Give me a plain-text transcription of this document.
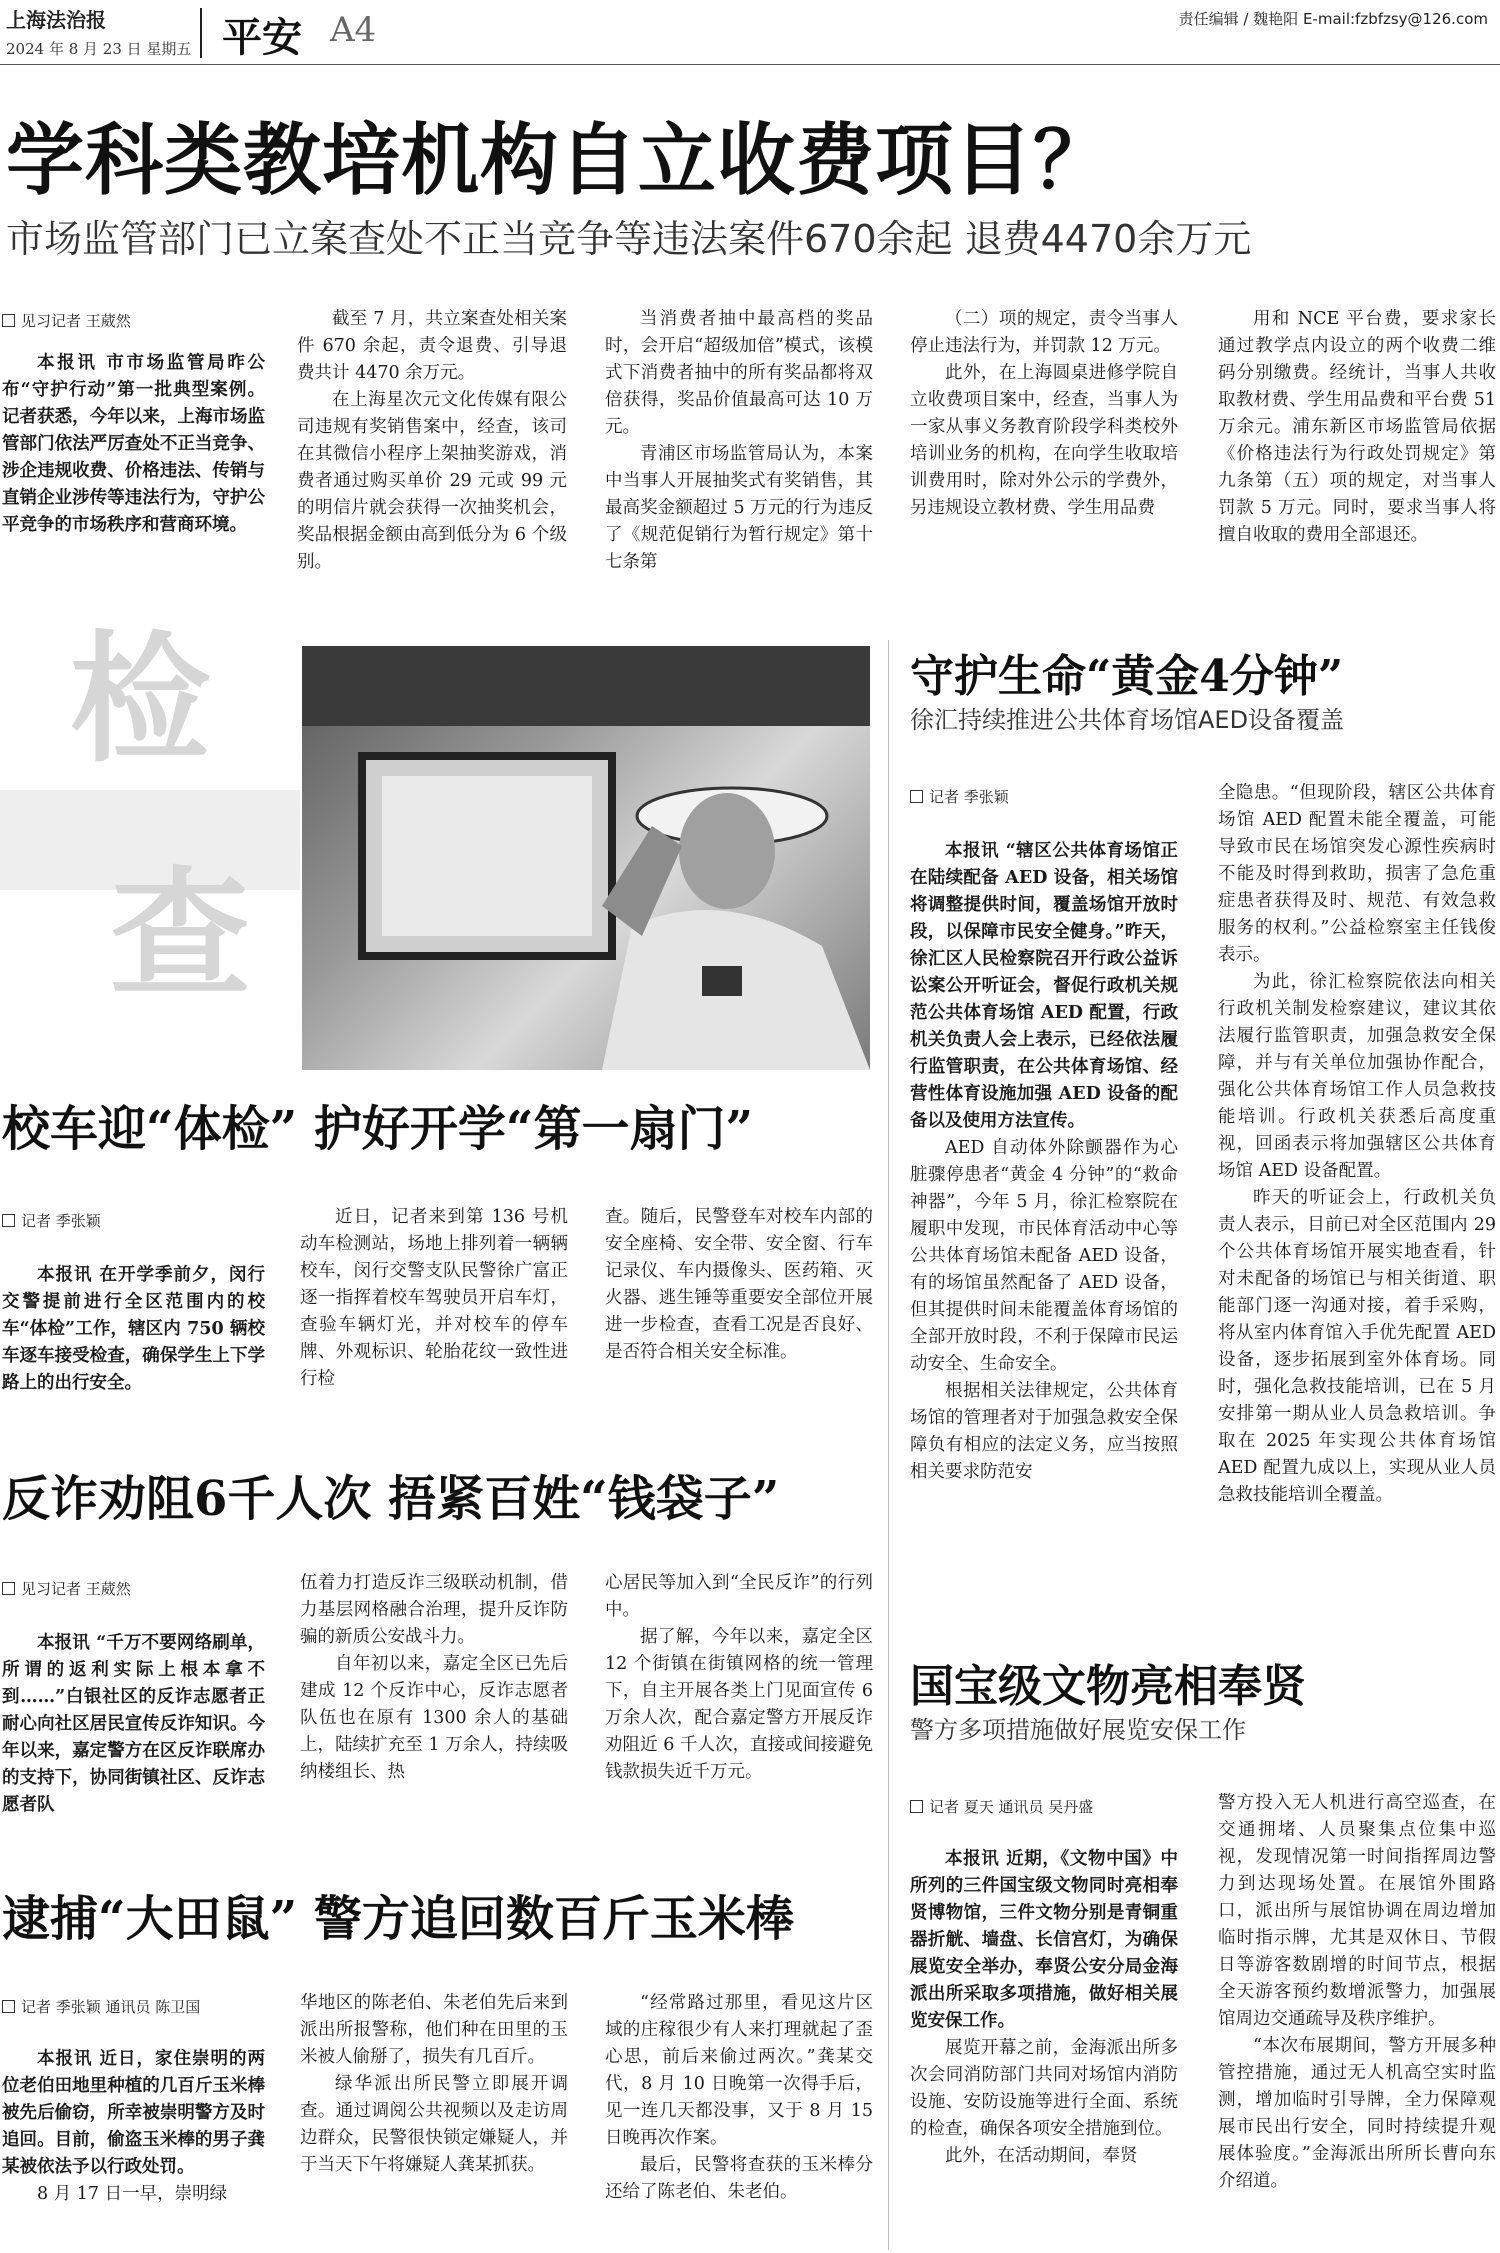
上海法治报
2024 年 8 月 23 日 星期五 平安 A4	责任编辑 / 魏艳阳 E-mail:fzbfzsy@126.com
学科类教培机构自立收费项目？
市场监管部门已立案查处不正当竞争等违法案件670余起 退费4470余万元
见习记者 王葳然

本报讯 市市场监管局昨公布“守护行动”第一批典型案例。记者获悉，今年以来，上海市场监管部门依法严厉查处不正当竞争、涉企违规收费、价格违法、传销与直销企业涉传等违法行为，守护公平竞争的市场秩序和营商环境。

截至 7 月，共立案查处相关案件 670 余起，责令退费、引导退费共计 4470 余万元。

在上海星次元文化传媒有限公司违规有奖销售案中，经查，该司在其微信小程序上架抽奖游戏，消费者通过购买单价 29 元或 99 元的明信片就会获得一次抽奖机会，奖品根据金额由高到低分为 6 个级别。

当消费者抽中最高档的奖品时，会开启“超级加倍”模式，该模式下消费者抽中的所有奖品都将双倍获得，奖品价值最高可达 10 万元。

青浦区市场监管局认为，本案中当事人开展抽奖式有奖销售，其最高奖金额超过 5 万元的行为违反了《规范促销行为暂行规定》第十七条第

（二）项的规定，责令当事人停止违法行为，并罚款 12 万元。

此外，在上海圆桌进修学院自立收费项目案中，经查，当事人为一家从事义务教育阶段学科类校外培训业务的机构，在向学生收取培训费用时，除对外公示的学费外，另违规设立教材费、学生用品费

用和 NCE 平台费，要求家长通过教学点内设立的两个收费二维码分别缴费。经统计，当事人共收取教材费、学生用品费和平台费 51 万余元。浦东新区市场监管局依据《价格违法行为行政处罚规定》第九条第（五）项的规定，对当事人罚款 5 万元。同时，要求当事人将擅自收取的费用全部退还。

检
查
校车迎“体检” 护好开学“第一扇门”
记者 季张颖

本报讯 在开学季前夕，闵行交警提前进行全区范围内的校车“体检”工作，辖区内 750 辆校车逐车接受检查，确保学生上下学路上的出行安全。

近日，记者来到第 136 号机动车检测站，场地上排列着一辆辆校车，闵行交警支队民警徐广富正逐一指挥着校车驾驶员开启车灯，查验车辆灯光，并对校车的停车牌、外观标识、轮胎花纹一致性进行检

查。随后，民警登车对校车内部的安全座椅、安全带、安全窗、行车记录仪、车内摄像头、医药箱、灭火器、逃生锤等重要安全部位开展进一步检查，查看工况是否良好、是否符合相关安全标准。

反诈劝阻6千人次 捂紧百姓“钱袋子”
见习记者 王葳然

本报讯 “千万不要网络刷单，所谓的返利实际上根本拿不到……”白银社区的反诈志愿者正耐心向社区居民宣传反诈知识。今年以来，嘉定警方在区反诈联席办的支持下，协同街镇社区、反诈志愿者队

伍着力打造反诈三级联动机制，借力基层网格融合治理，提升反诈防骗的新质公安战斗力。

自年初以来，嘉定全区已先后建成 12 个反诈中心，反诈志愿者队伍也在原有 1300 余人的基础上，陆续扩充至 1 万余人，持续吸纳楼组长、热

心居民等加入到“全民反诈”的行列中。

据了解，今年以来，嘉定全区 12 个街镇在街镇网格的统一管理下，自主开展各类上门见面宣传 6 万余人次，配合嘉定警方开展反诈劝阻近 6 千人次，直接或间接避免钱款损失近千万元。

逮捕“大田鼠” 警方追回数百斤玉米棒
记者 季张颖 通讯员 陈卫国

本报讯 近日，家住崇明的两位老伯田地里种植的几百斤玉米棒被先后偷窃，所幸被崇明警方及时追回。目前，偷盗玉米棒的男子龚某被依法予以行政处罚。

8 月 17 日一早，崇明绿

华地区的陈老伯、朱老伯先后来到派出所报警称，他们种在田里的玉米被人偷掰了，损失有几百斤。

绿华派出所民警立即展开调查。通过调阅公共视频以及走访周边群众，民警很快锁定嫌疑人，并于当天下午将嫌疑人龚某抓获。

“经常路过那里，看见这片区域的庄稼很少有人来打理就起了歪心思，前后来偷过两次。”龚某交代，8 月 10 日晚第一次得手后，见一连几天都没事，又于 8 月 15 日晚再次作案。

最后，民警将查获的玉米棒分还给了陈老伯、朱老伯。

守护生命“黄金4分钟”
徐汇持续推进公共体育场馆AED设备覆盖
记者 季张颖

本报讯 “辖区公共体育场馆正在陆续配备 AED 设备，相关场馆将调整提供时间，覆盖场馆开放时段，以保障市民安全健身。”昨天，徐汇区人民检察院召开行政公益诉讼案公开听证会，督促行政机关规范公共体育场馆 AED 配置，行政机关负责人会上表示，已经依法履行监管职责，在公共体育场馆、经营性体育设施加强 AED 设备的配备以及使用方法宣传。

AED 自动体外除颤器作为心脏骤停患者“黄金 4 分钟”的“救命神器”，今年 5 月，徐汇检察院在履职中发现，市民体育活动中心等公共体育场馆未配备 AED 设备，有的场馆虽然配备了 AED 设备，但其提供时间未能覆盖体育场馆的全部开放时段，不利于保障市民运动安全、生命安全。

根据相关法律规定，公共体育场馆的管理者对于加强急救安全保障负有相应的法定义务，应当按照相关要求防范安

全隐患。“但现阶段，辖区公共体育场馆 AED 配置未能全覆盖，可能导致市民在场馆突发心源性疾病时不能及时得到救助，损害了急危重症患者获得及时、规范、有效急救服务的权利。”公益检察室主任钱俊表示。

为此，徐汇检察院依法向相关行政机关制发检察建议，建议其依法履行监管职责，加强急救安全保障，并与有关单位加强协作配合，强化公共体育场馆工作人员急救技能培训。行政机关获悉后高度重视，回函表示将加强辖区公共体育场馆 AED 设备配置。

昨天的听证会上，行政机关负责人表示，目前已对全区范围内 29 个公共体育场馆开展实地查看，针对未配备的场馆已与相关街道、职能部门逐一沟通对接，着手采购，将从室内体育馆入手优先配置 AED 设备，逐步拓展到室外体育场。同时，强化急救技能培训，已在 5 月安排第一期从业人员急救培训。争取在 2025 年实现公共体育场馆 AED 配置九成以上，实现从业人员急救技能培训全覆盖。

国宝级文物亮相奉贤
警方多项措施做好展览安保工作
记者 夏天 通讯员 吴丹盛

本报讯 近期，《文物中国》中所列的三件国宝级文物同时亮相奉贤博物馆，三件文物分别是青铜重器折觥、墙盘、长信宫灯，为确保展览安全举办，奉贤公安分局金海派出所采取多项措施，做好相关展览安保工作。

展览开幕之前，金海派出所多次会同消防部门共同对场馆内消防设施、安防设施等进行全面、系统的检查，确保各项安全措施到位。

此外，在活动期间，奉贤

警方投入无人机进行高空巡查，在交通拥堵、人员聚集点位集中巡视，发现情况第一时间指挥周边警力到达现场处置。在展馆外围路口，派出所与展馆协调在周边增加临时指示牌，尤其是双休日、节假日等游客数剧增的时间节点，根据全天游客预约数增派警力，加强展馆周边交通疏导及秩序维护。

“本次布展期间，警方开展多种管控措施，通过无人机高空实时监测，增加临时引导牌，全力保障观展市民出行安全，同时持续提升观展体验度。”金海派出所所长曹向东介绍道。
